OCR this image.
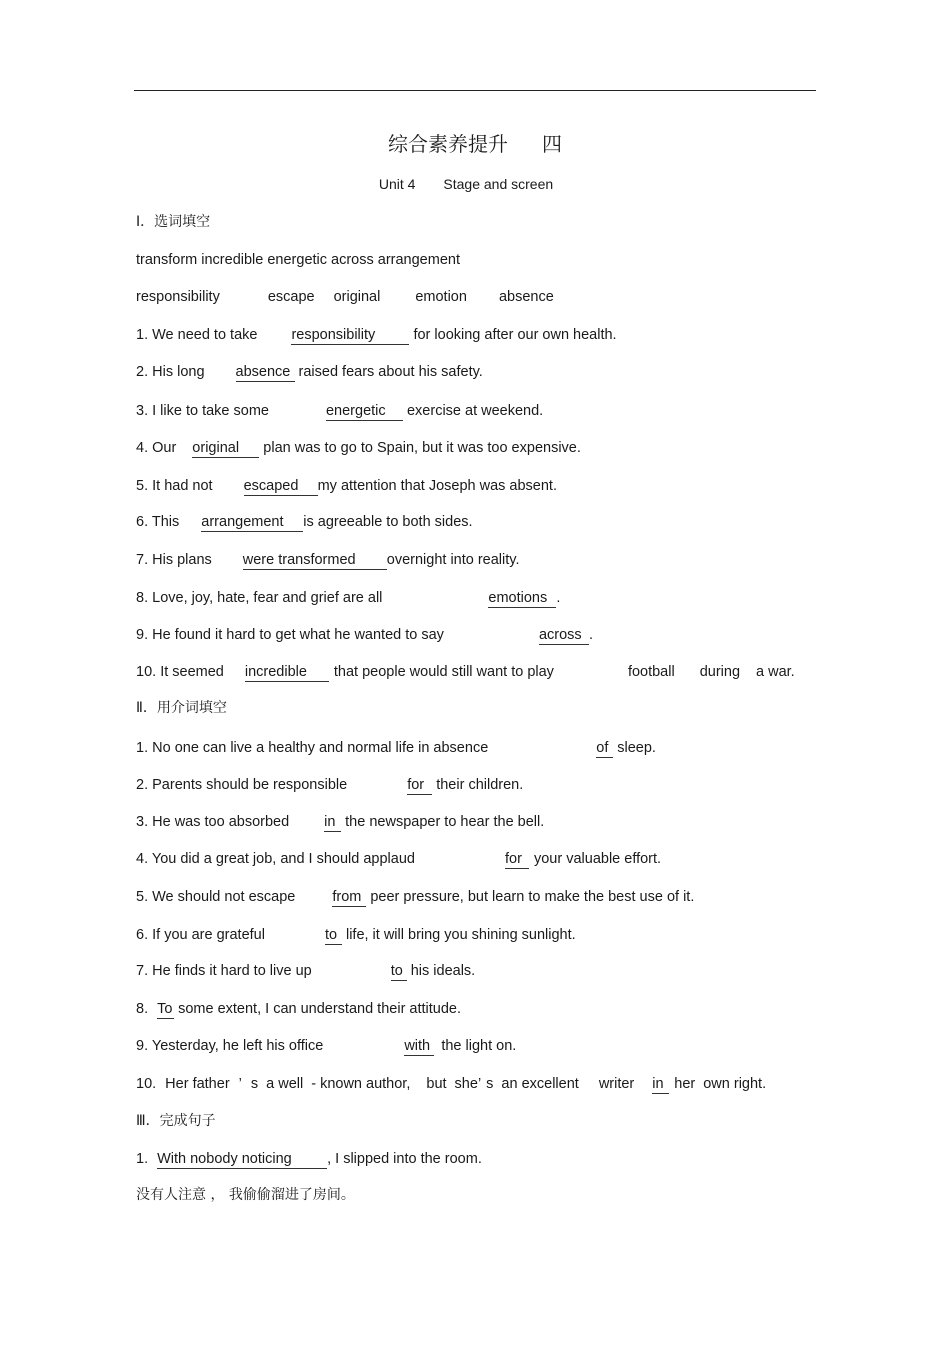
综合素养提升 四
Unit 4 Stage and screen
Ⅰ．选词填空
transform incredible energetic across arrangement
responsibility	escape original emotion absence
1. We need to take responsibility	for looking after our own health.
2. His long absence raised fears about his safety.
3. I like to take some	energetic exercise at weekend.
4. Our original plan was to go to Spain, but it was too expensive.
5. It had not escaped my attention that Joseph was absent.
6. This arrangement is agreeable to both sides.
7. His plans were transformed overnight into reality.
8. Love, joy, hate, fear and grief are all	emotions .
9. He found it hard to get what he wanted to say	across .
10. It seemed incredible that people would still want to play	football during a war.
Ⅱ．用介词填空
1. No one can live a healthy and normal life in absence	of sleep.
2. Parents should be responsible	for their children.
3. He was too absorbed in the newspaper to hear the bell.
4. You did a great job, and I should applaud	for your valuable effort.
5. We should not escape	from peer pressure, but learn to make the best use of it.
6. If you are grateful	to life, it will bring you shining sunlight.
7. He finds it hard to live up	to his ideals.
8. To some extent, I can understand their attitude.
9. Yesterday, he left his office	with the light on.
10. Her father ’ s a well - known author, but she’ s an excellent writer in her own right.
Ⅲ．完成句子
1. With nobody noticing , I slipped into the room.
没有人注意 ， 我偷偷溜进了房间。
